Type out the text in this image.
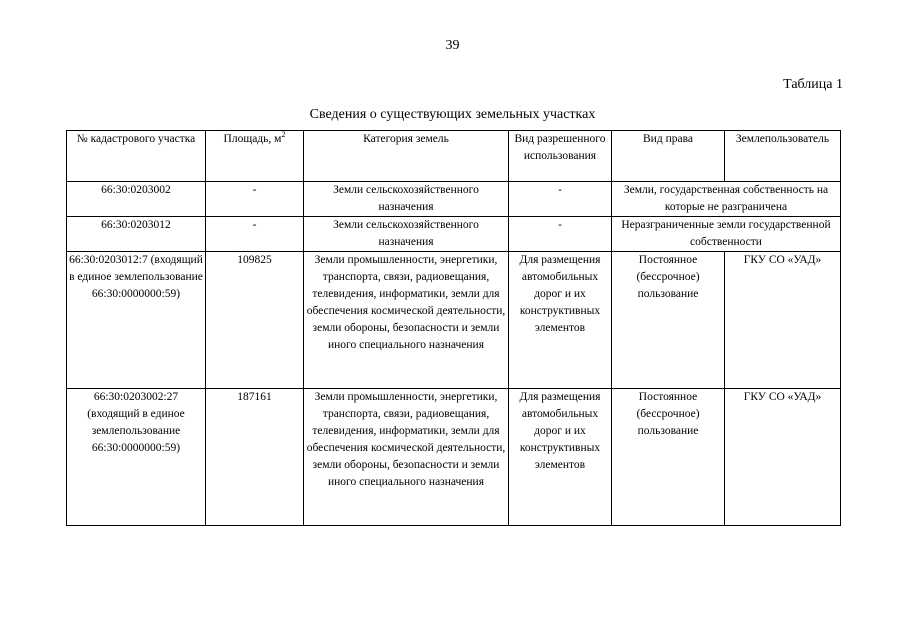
39
Таблица 1
Сведения о существующих земельных участках
№ кадастрового участка	Площадь, $м^2$	Категория земель	Вид разрешенного использования	Вид права	Землепользователь
66:30:0203002	-	Земли сельскохозяйственного назначения	-	Земли, государственная собственность на которые не разграничена	
66:30:0203012	-	Земли сельскохозяйственного назначения	-	Неразграниченные земли государственной собственности	
66:30:0203012:7 (входящий в единое землепользование 66:30:0000000:59)	109825	Земли промышленности, энергетики, транспорта, связи, радиовещания, телевидения, информатики, земли для обеспечения космической деятельности, земли обороны, безопасности и земли иного специального назначения	Для размещения автомобильных дорог и их конструктивных элементов	Постоянное (бессрочное) пользование	ГКУ СО «УАД»
66:30:0203002:27 (входящий в единое землепользование 66:30:0000000:59)	187161	Земли промышленности, энергетики, транспорта, связи, радиовещания, телевидения, информатики, земли для обеспечения космической деятельности, земли обороны, безопасности и земли иного специального назначения	Для размещения автомобильных дорог и их конструктивных элементов	Постоянное (бессрочное) пользование	ГКУ СО «УАД»
